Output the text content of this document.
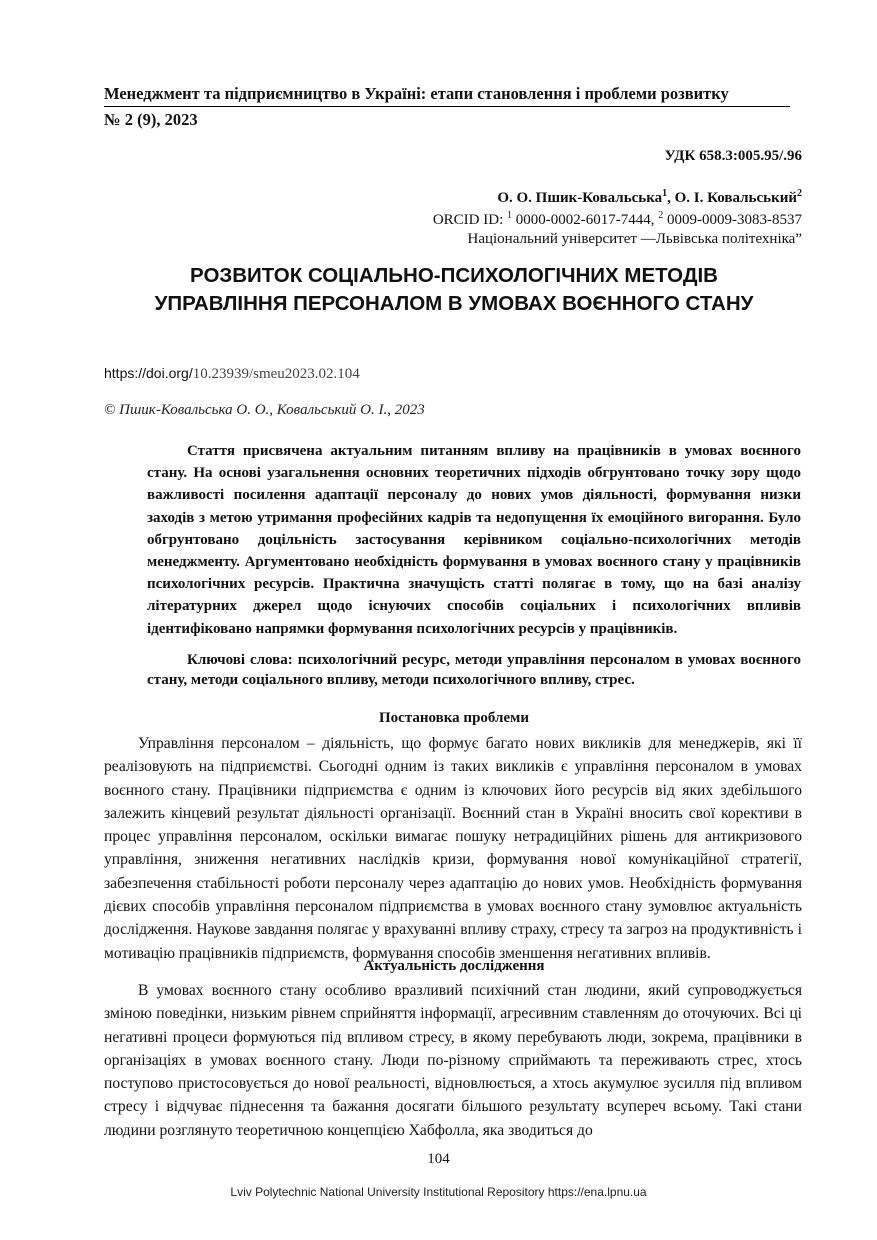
Менеджмент та підприємництво в Україні: етапи становлення і проблеми розвитку
№ 2 (9), 2023
УДК 658.3:005.95/.96
О. О. Пшик-Ковальська$^1$, О. І. Ковальський$^2$
ORCID ID: $^1$ 0000-0002-6017-7444, $^2$ 0009-0009-3083-8537
Національний університет ―Львівська політехніка”
РОЗВИТОК СОЦІАЛЬНО-ПСИХОЛОГІЧНИХ МЕТОДІВ
УПРАВЛІННЯ ПЕРСОНАЛОМ В УМОВАХ ВОЄННОГО СТАНУ
https://doi.org/10.23939/smeu2023.02.104
© Пшик-Ковальська О. О., Ковальський О. І., 2023

Стаття присвячена актуальним питанням впливу на працівників в умовах воєнного стану. На основі узагальнення основних теоретичних підходів обгрунтовано точку зору щодо важливості посилення адаптації персоналу до нових умов діяльності, формування низки заходів з метою утримання професійних кадрів та недопущення їх емоційного вигорання. Було обгрунтовано доцільність застосування керівником соціально-психологічних методів менеджменту. Аргументовано необхідність формування в умовах воєнного стану у працівників психологічних ресурсів. Практична значущість статті полягає в тому, що на базі аналізу літературних джерел щодо існуючих способів соціальних і психологічних впливів ідентифіковано напрямки формування психологічних ресурсів у працівників.

Ключові слова: психологічний ресурс, методи управління персоналом в умовах воєнного стану, методи соціального впливу, методи психологічного впливу, стрес.

Постановка проблеми

Управління персоналом – діяльність, що формує багато нових викликів для менеджерів, які її реалізовують на підприємстві. Сьогодні одним із таких викликів є управління персоналом в умовах воєнного стану. Працівники підприємства є одним із ключових його ресурсів від яких здебільшого залежить кінцевий результат діяльності організації. Воєнний стан в Україні вносить свої корективи в процес управління персоналом, оскільки вимагає пошуку нетрадиційних рішень для антикризового управління, зниження негативних наслідків кризи, формування нової комунікаційної стратегії, забезпечення стабільності роботи персоналу через адаптацію до нових умов. Необхідність формування дієвих способів управління персоналом підприємства в умовах воєнного стану зумовлює актуальність дослідження. Наукове завдання полягає у врахуванні впливу страху, стресу та загроз на продуктивність і мотивацію працівників підприємств, формування способів зменшення негативних впливів.

Актуальність дослідження

В умовах воєнного стану особливо вразливий психічний стан людини, який супроводжується зміною поведінки, низьким рівнем сприйняття інформації, агресивним ставленням до оточуючих. Всі ці негативні процеси формуються під впливом стресу, в якому перебувають люди, зокрема, працівники в організаціях в умовах воєнного стану. Люди по-різному сприймають та переживають стрес, хтось поступово пристосовується до нової реальності, відновлюється, а хтось акумулює зусилля під впливом стресу і відчуває піднесення та бажання досягати більшого результату всупереч всьому. Такі стани людини розглянуто теоретичною концепцією Хабфолла, яка зводиться до

104
Lviv Polytechnic National University Institutional Repository https://ena.lpnu.ua
